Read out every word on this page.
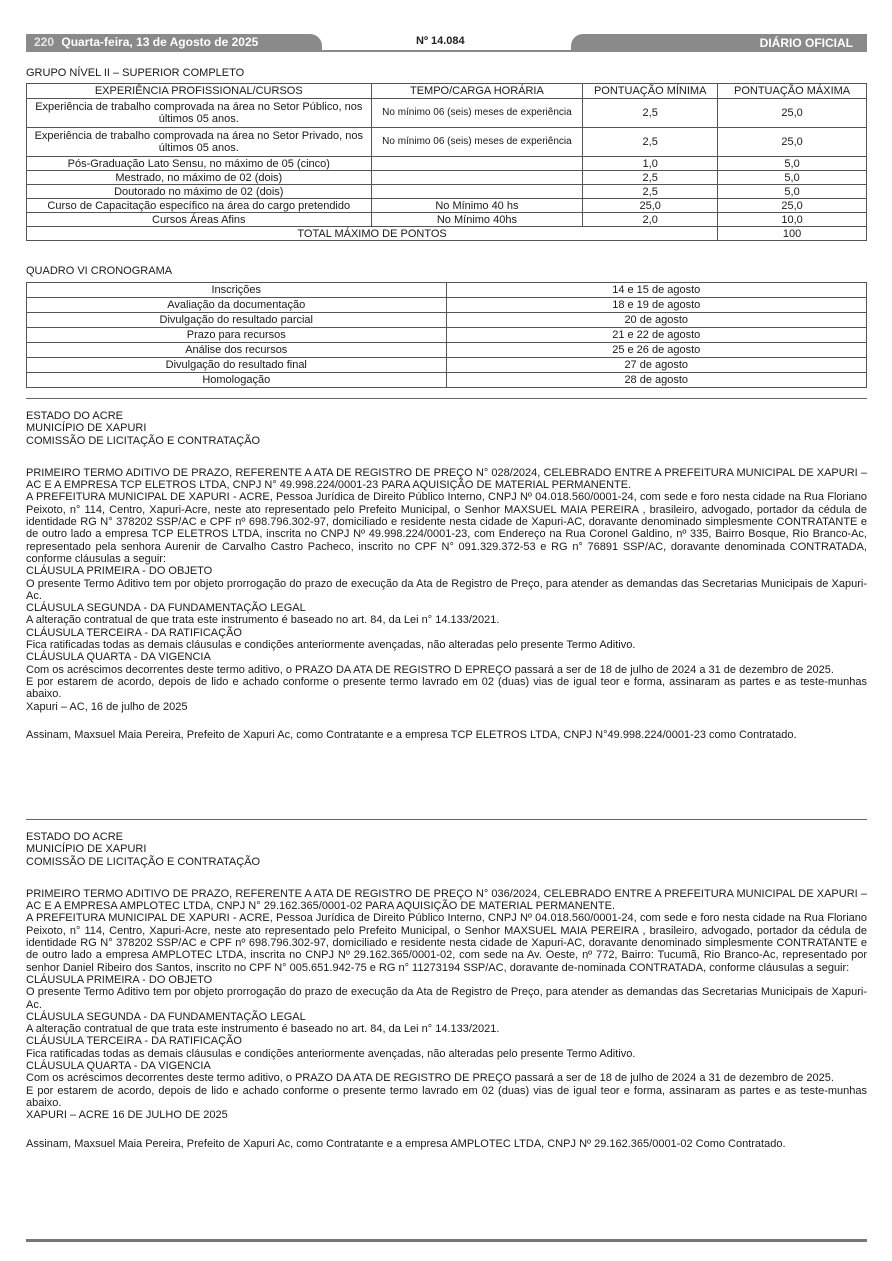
220 Quarta-feira, 13 de Agosto de 2025	Nº 14.084	DIÁRIO OFICIAL
GRUPO NÍVEL II – SUPERIOR COMPLETO
EXPERIÊNCIA PROFISSIONAL/CURSOS	TEMPO/CARGA HORÁRIA	PONTUAÇÃO MÍNIMA	PONTUAÇÃO MÁXIMA
Experiência de trabalho comprovada na área no Setor Público, nos últimos 05 anos.	No mínimo 06 (seis) meses de experiência	2,5	25,0
Experiência de trabalho comprovada na área no Setor Privado, nos últimos 05 anos.	No mínimo 06 (seis) meses de experiência	2,5	25,0
Pós-Graduação Lato Sensu, no máximo de 05 (cinco)		1,0	5,0
Mestrado, no máximo de 02 (dois)		2,5	5,0
Doutorado no máximo de 02 (dois)		2,5	5,0
Curso de Capacitação específico na área do cargo pretendido	No Mínimo 40 hs	25,0	25,0
Cursos Áreas Afins	No Mínimo 40hs	2,0	10,0
TOTAL MÁXIMO DE PONTOS			100
QUADRO VI CRONOGRAMA
Inscrições	14 e 15 de agosto
Avaliação da documentação	18 e 19 de agosto
Divulgação do resultado parcial	20 de agosto
Prazo para recursos	21 e 22 de agosto
Análise dos recursos	25 e 26 de agosto
Divulgação do resultado final	27 de agosto
Homologação	28 de agosto

ESTADO DO ACRE

MUNICÍPIO DE XAPURI

COMISSÃO DE LICITAÇÃO E CONTRATAÇÃO

PRIMEIRO TERMO ADITIVO DE PRAZO, REFERENTE A ATA DE REGISTRO DE PREÇO N° 028/2024, CELEBRADO ENTRE A PREFEITURA MUNICIPAL DE XAPURI – AC E A EMPRESA TCP ELETROS LTDA, CNPJ N° 49.998.224/0001-23 PARA AQUISIÇÃO DE MATERIAL PERMANENTE.

A PREFEITURA MUNICIPAL DE XAPURI - ACRE, Pessoa Jurídica de Direito Público Interno, CNPJ Nº 04.018.560/0001-24, com sede e foro nesta cidade na Rua Floriano Peixoto, n° 114, Centro, Xapuri-Acre, neste ato representado pelo Prefeito Municipal, o Senhor MAXSUEL MAIA PEREIRA , brasileiro, advogado, portador da cédula de identidade RG N° 378202 SSP/AC e CPF nº 698.796.302-97, domiciliado e residente nesta cidade de Xapuri-AC, doravante denominado simplesmente CONTRATANTE e de outro lado a empresa TCP ELETROS LTDA, inscrita no CNPJ Nº 49.998.224/0001-23, com Endereço na Rua Coronel Galdino, nº 335, Bairro Bosque, Rio Branco-Ac, representado pela senhora Aurenir de Carvalho Castro Pacheco, inscrito no CPF N° 091.329.372-53 e RG n° 76891 SSP/AC, doravante denominada CONTRATADA, conforme cláusulas a seguir:

CLÁUSULA PRIMEIRA - DO OBJETO

O presente Termo Aditivo tem por objeto prorrogação do prazo de execução da Ata de Registro de Preço, para atender as demandas das Secretarias Municipais de Xapuri-Ac.

CLÁUSULA SEGUNDA - DA FUNDAMENTAÇÃO LEGAL

A alteração contratual de que trata este instrumento é baseado no art. 84, da Lei n° 14.133/2021.

CLÁUSULA TERCEIRA - DA RATIFICAÇÃO

Fica ratificadas todas as demais cláusulas e condições anteriormente avençadas, não alteradas pelo presente Termo Aditivo.

CLÁUSULA QUARTA - DA VIGENCIA

Com os acréscimos decorrentes deste termo aditivo, o PRAZO DA ATA DE REGISTRO D EPREÇO passará a ser de 18 de julho de 2024 a 31 de dezembro de 2025.

E por estarem de acordo, depois de lido e achado conforme o presente termo lavrado em 02 (duas) vias de igual teor e forma, assinaram as partes e as teste-munhas abaixo.

Xapuri – AC, 16 de julho de 2025

Assinam, Maxsuel Maia Pereira, Prefeito de Xapuri Ac, como Contratante e a empresa TCP ELETROS LTDA, CNPJ N°49.998.224/0001-23 como Contratado.

ESTADO DO ACRE

MUNICÍPIO DE XAPURI

COMISSÃO DE LICITAÇÃO E CONTRATAÇÃO

PRIMEIRO TERMO ADITIVO DE PRAZO, REFERENTE A ATA DE REGISTRO DE PREÇO N° 036/2024, CELEBRADO ENTRE A PREFEITURA MUNICIPAL DE XAPURI – AC E A EMPRESA AMPLOTEC LTDA, CNPJ N° 29.162.365/0001-02 PARA AQUISIÇÃO DE MATERIAL PERMANENTE.

A PREFEITURA MUNICIPAL DE XAPURI - ACRE, Pessoa Jurídica de Direito Público Interno, CNPJ Nº 04.018.560/0001-24, com sede e foro nesta cidade na Rua Floriano Peixoto, n° 114, Centro, Xapuri-Acre, neste ato representado pelo Prefeito Municipal, o Senhor MAXSUEL MAIA PEREIRA , brasileiro, advogado, portador da cédula de identidade RG N° 378202 SSP/AC e CPF nº 698.796.302-97, domiciliado e residente nesta cidade de Xapuri-AC, doravante denominado simplesmente CONTRATANTE e de outro lado a empresa AMPLOTEC LTDA, inscrita no CNPJ Nº 29.162.365/0001-02, com sede na Av. Oeste, nº 772, Bairro: Tucumã, Rio Branco-Ac, representado por senhor Daniel Ribeiro dos Santos, inscrito no CPF N° 005.651.942-75 e RG n° 11273194 SSP/AC, doravante de-nominada CONTRATADA, conforme cláusulas a seguir:

CLÁUSULA PRIMEIRA - DO OBJETO

O presente Termo Aditivo tem por objeto prorrogação do prazo de execução da Ata de Registro de Preço, para atender as demandas das Secretarias Municipais de Xapuri-Ac.

CLÁUSULA SEGUNDA - DA FUNDAMENTAÇÃO LEGAL

A alteração contratual de que trata este instrumento é baseado no art. 84, da Lei n° 14.133/2021.

CLÁUSULA TERCEIRA - DA RATIFICAÇÃO

Fica ratificadas todas as demais cláusulas e condições anteriormente avençadas, não alteradas pelo presente Termo Aditivo.

CLÁUSULA QUARTA - DA VIGENCIA

Com os acréscimos decorrentes deste termo aditivo, o PRAZO DA ATA DE REGISTRO DE PREÇO passará a ser de 18 de julho de 2024 a 31 de dezembro de 2025.

E por estarem de acordo, depois de lido e achado conforme o presente termo lavrado em 02 (duas) vias de igual teor e forma, assinaram as partes e as teste-munhas abaixo.

XAPURI – ACRE 16 DE JULHO DE 2025

Assinam, Maxsuel Maia Pereira, Prefeito de Xapuri Ac, como Contratante e a empresa AMPLOTEC LTDA, CNPJ Nº 29.162.365/0001-02 Como Contratado.
